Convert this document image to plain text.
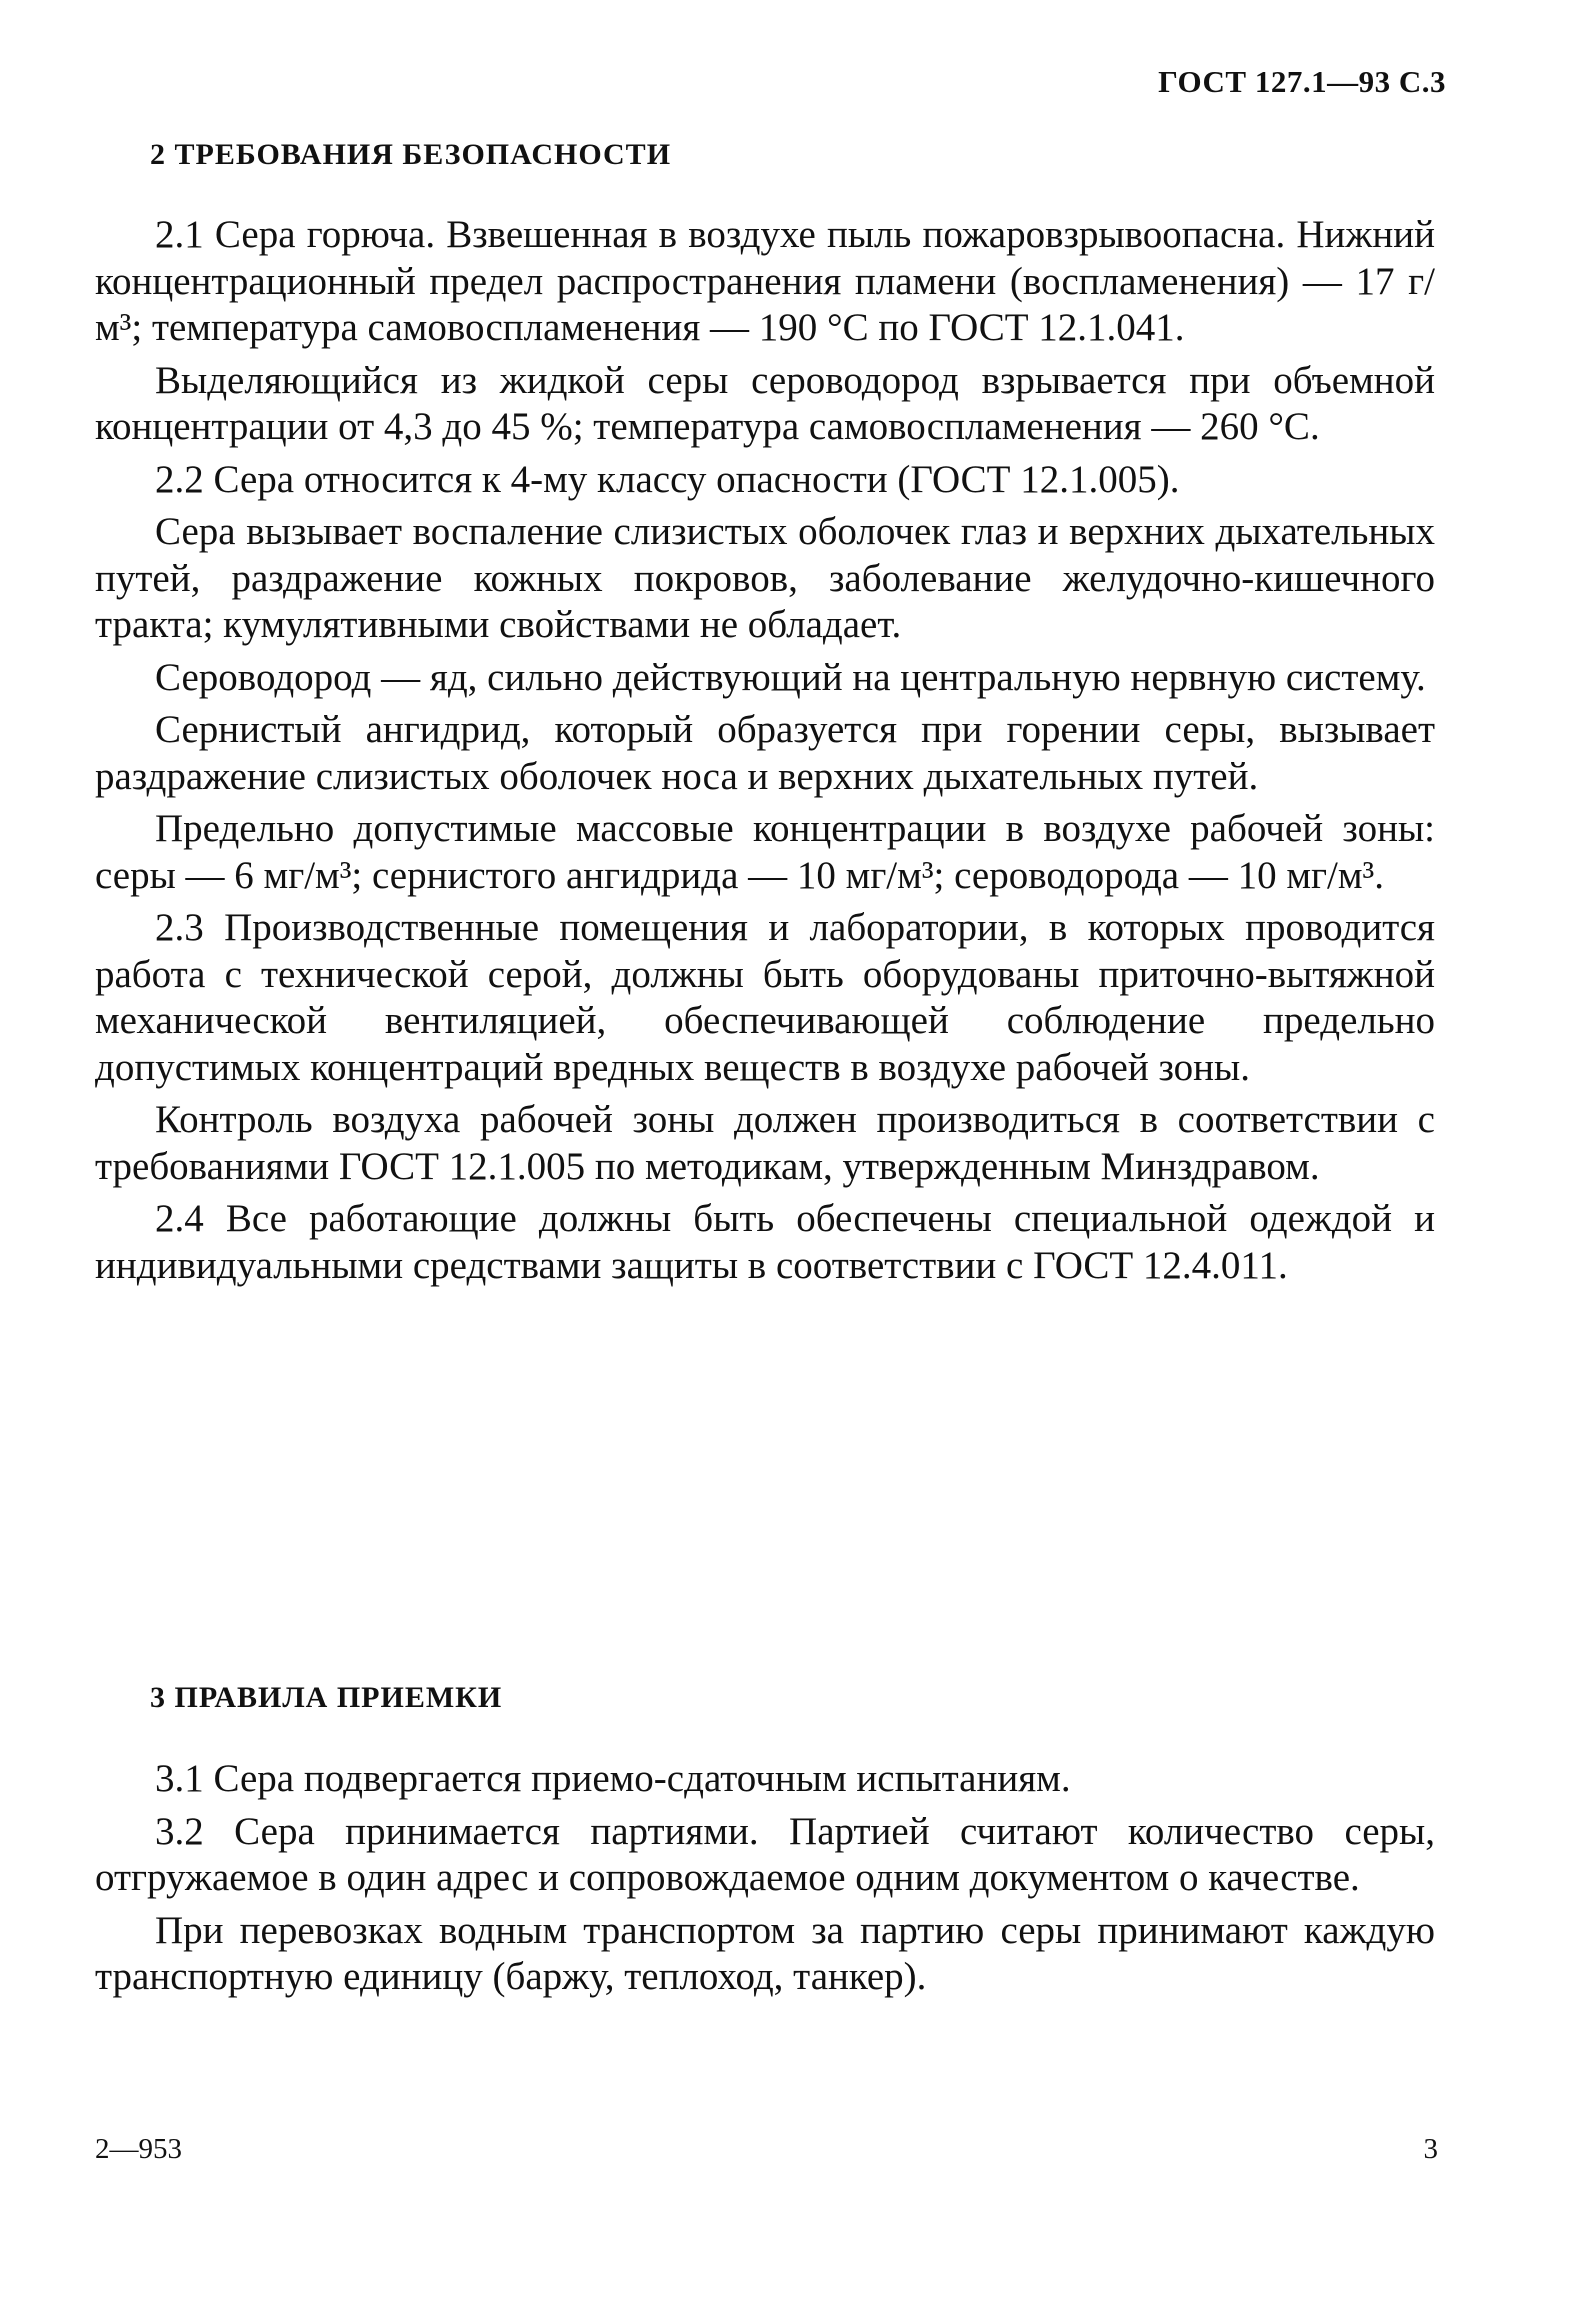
ГОСТ 127.1—93 С.3
2 ТРЕБОВАНИЯ БЕЗОПАСНОСТИ

2.1 Сера горюча. Взвешенная в воздухе пыль пожаровзрывоопасна. Нижний концентрационный предел распространения пламени (воспламенения) — 17 г/м³; температура самовоспламенения — 190 °С по ГОСТ 12.1.041.

Выделяющийся из жидкой серы сероводород взрывается при объемной концентрации от 4,3 до 45 %; температура самовоспламенения — 260 °С.

2.2 Сера относится к 4-му классу опасности (ГОСТ 12.1.005).

Сера вызывает воспаление слизистых оболочек глаз и верхних дыхательных путей, раздражение кожных покровов, заболевание желудочно-кишечного тракта; кумулятивными свойствами не обладает.

Сероводород — яд, сильно действующий на центральную нервную систему.

Сернистый ангидрид, который образуется при горении серы, вызывает раздражение слизистых оболочек носа и верхних дыхательных путей.

Предельно допустимые массовые концентрации в воздухе рабочей зоны: серы — 6 мг/м³; сернистого ангидрида — 10 мг/м³; сероводорода — 10 мг/м³.

2.3 Производственные помещения и лаборатории, в которых проводится работа с технической серой, должны быть оборудованы приточно-вытяжной механической вентиляцией, обеспечивающей соблюдение предельно допустимых концентраций вредных веществ в воздухе рабочей зоны.

Контроль воздуха рабочей зоны должен производиться в соответствии с требованиями ГОСТ 12.1.005 по методикам, утвержденным Минздравом.

2.4 Все работающие должны быть обеспечены специальной одеждой и индивидуальными средствами защиты в соответствии с ГОСТ 12.4.011.

3 ПРАВИЛА ПРИЕМКИ

3.1 Сера подвергается приемо-сдаточным испытаниям.

3.2 Сера принимается партиями. Партией считают количество серы, отгружаемое в один адрес и сопровождаемое одним документом о качестве.

При перевозках водным транспортом за партию серы принимают каждую транспортную единицу (баржу, теплоход, танкер).

2—953	3
